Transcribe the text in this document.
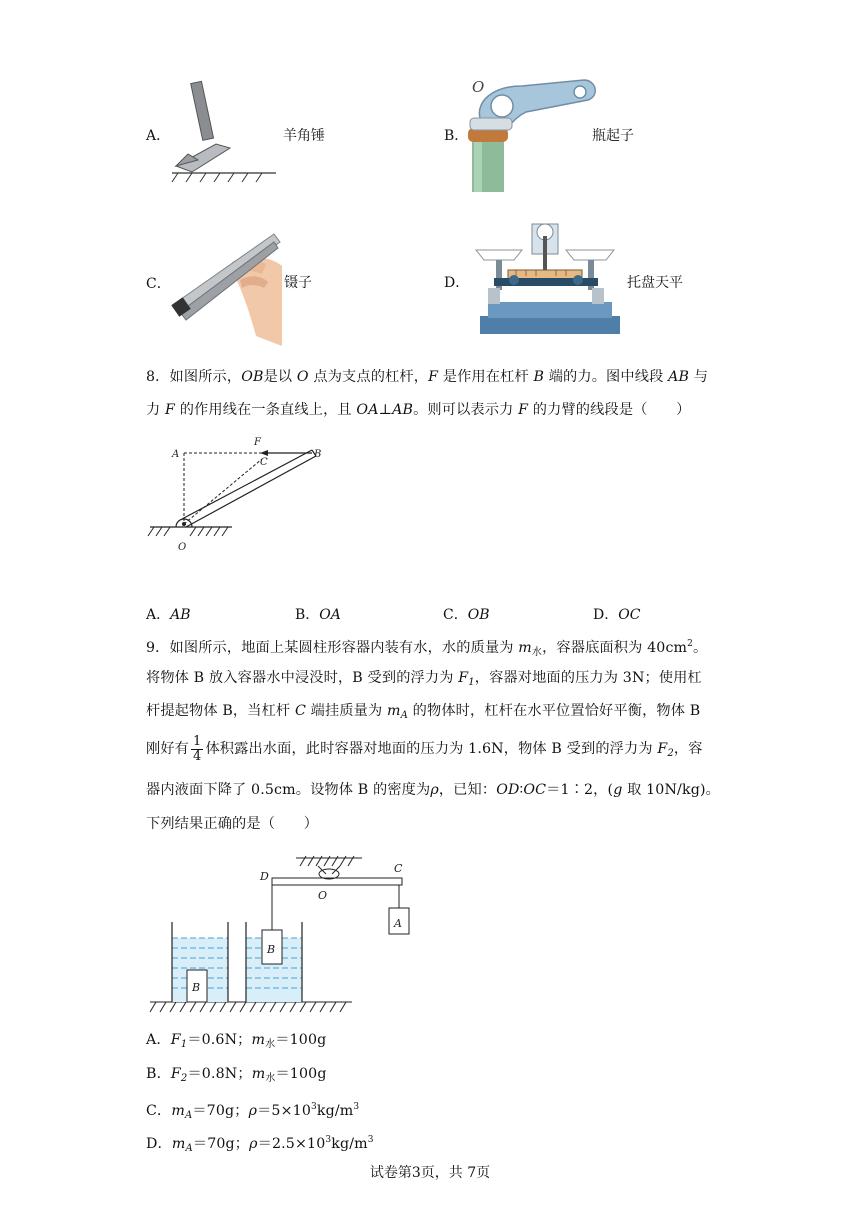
A．	羊角锤	B．
O
瓶起子
C．	镊子	D．	托盘天平
8．如图所示，OB是以 O 点为支点的杠杆，F 是作用在杠杆 B 端的力。图中线段 AB 与
力 F 的作用线在一条直线上，且 OA⊥AB。则可以表示力 F 的力臂的线段是（　　）
A
F
C
B
O
A．AB	B．OA	C．OB	D．OC
9．如图所示，地面上某圆柱形容器内装有水，水的质量为 $m_水$，容器底面积为 $40cm^2$。
将物体 B 放入容器水中浸没时，B 受到的浮力为 $F_1$，容器对地面的压力为 3N；使用杠
杆提起物体 B，当杠杆 C 端挂质量为 $m_A$ 的物体时，杠杆在水平位置恰好平衡，物体 B
刚好有 $\frac{1}{4}$ 体积露出水面，此时容器对地面的压力为 1.6N，物体 B 受到的浮力为 $F_2$，容
器内液面下降了 0.5cm。设物体 B 的密度为ρ，已知：OD∶OC＝1∶2，(g 取 10N/kg)。
下列结果正确的是（　　）
D
C
O
A
B
B
A．$F_1=0.6N$；$m_水=100g$
B．$F_2=0.8N$；$m_水=100g$
C．$m_A=70g$；$\rho=5\times 10^3kg/m^3$
D．$m_A=70g$；$\rho=2.5\times 10^3kg/m^3$
试卷第3页，共 7页
